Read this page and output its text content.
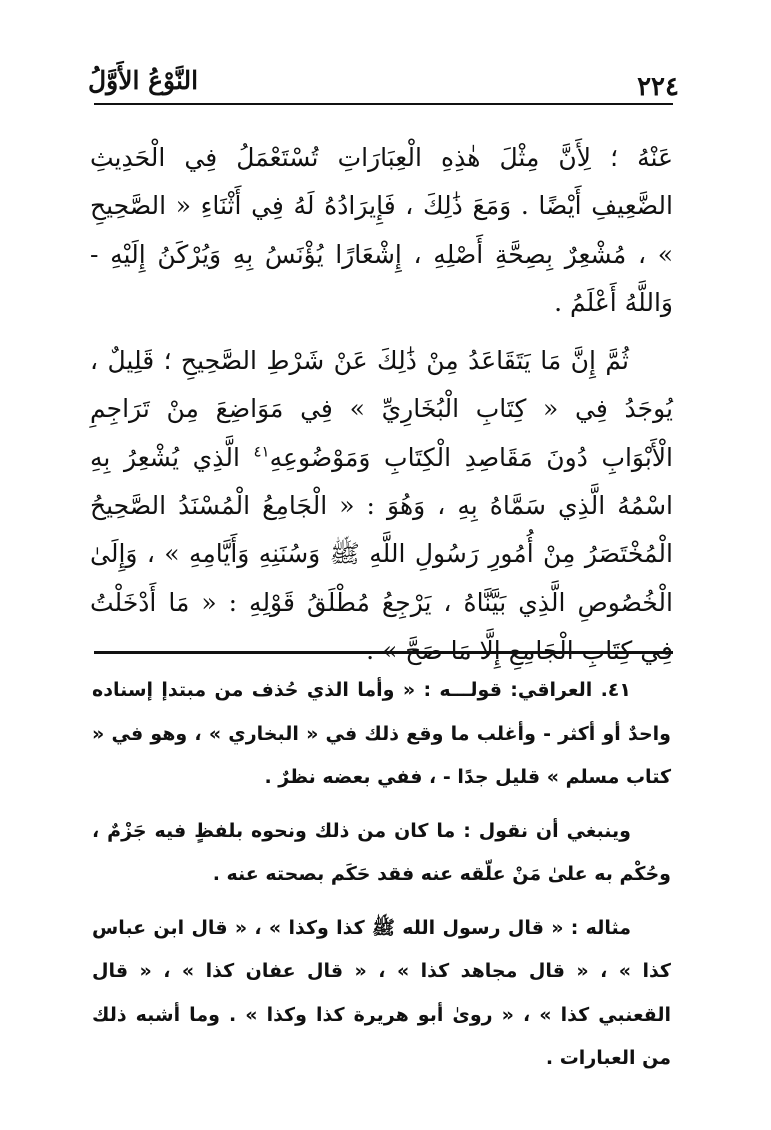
٢٢٤
النَّوْعُ الأَوَّلُ

عَنْهُ ؛ لِأَنَّ مِثْلَ هٰذِهِ الْعِبَارَاتِ تُسْتَعْمَلُ فِي الْحَدِيثِ الضَّعِيفِ أَيْضًا . وَمَعَ ذَٰلِكَ ، فَإِيرَادُهُ لَهُ فِي أَثْنَاءِ « الصَّحِيحِ » ، مُشْعِرٌ بِصِحَّةِ أَصْلِهِ ، إِشْعَارًا يُؤْنَسُ بِهِ وَيُرْكَنُ إِلَيْهِ - وَاللَّهُ أَعْلَمُ .

ثُمَّ إِنَّ مَا يَتَقَاعَدُ مِنْ ذَٰلِكَ عَنْ شَرْطِ الصَّحِيحِ ؛ قَلِيلٌ ، يُوجَدُ فِي « كِتَابِ الْبُخَارِيِّ » فِي مَوَاضِعَ مِنْ تَرَاجِمِ الْأَبْوَابِ دُونَ مَقَاصِدِ الْكِتَابِ وَمَوْضُوعِهِ$^{٤١}$ الَّذِي يُشْعِرُ بِهِ اسْمُهُ الَّذِي سَمَّاهُ بِهِ ، وَهُوَ : « الْجَامِعُ الْمُسْنَدُ الصَّحِيحُ الْمُخْتَصَرُ مِنْ أُمُورِ رَسُولِ اللَّهِ ﷺ وَسُنَنِهِ وَأَيَّامِهِ » ، وَإِلَىٰ الْخُصُوصِ الَّذِي بَيَّنَّاهُ ، يَرْجِعُ مُطْلَقُ قَوْلِهِ : « مَا أَدْخَلْتُ فِي كِتَابِ الْجَامِعِ إِلَّا مَا صَحَّ » .

٤١. العراقي: قولـــه : « وأما الذي حُذف من مبتدإ إسناده واحدٌ أو أكثر - وأغلب ما وقع ذلك في « البخاري » ، وهو في « كتاب مسلم » قليل جدًا - ، ففي بعضه نظرٌ .

وينبغي أن نقول : ما كان من ذلك ونحوه بلفظٍ فيه جَزْمٌ ، وحُكْم به علىٰ مَنْ علّقه عنه فقد حَكَم بصحته عنه .

مثاله : « قال رسول الله ﷺ كذا وكذا » ، « قال ابن عباس كذا » ، « قال مجاهد كذا » ، « قال عفان كذا » ، « قال القعنبي كذا » ، « روىٰ أبو هريرة كذا وكذا » . وما أشبه ذلك من العبارات .
